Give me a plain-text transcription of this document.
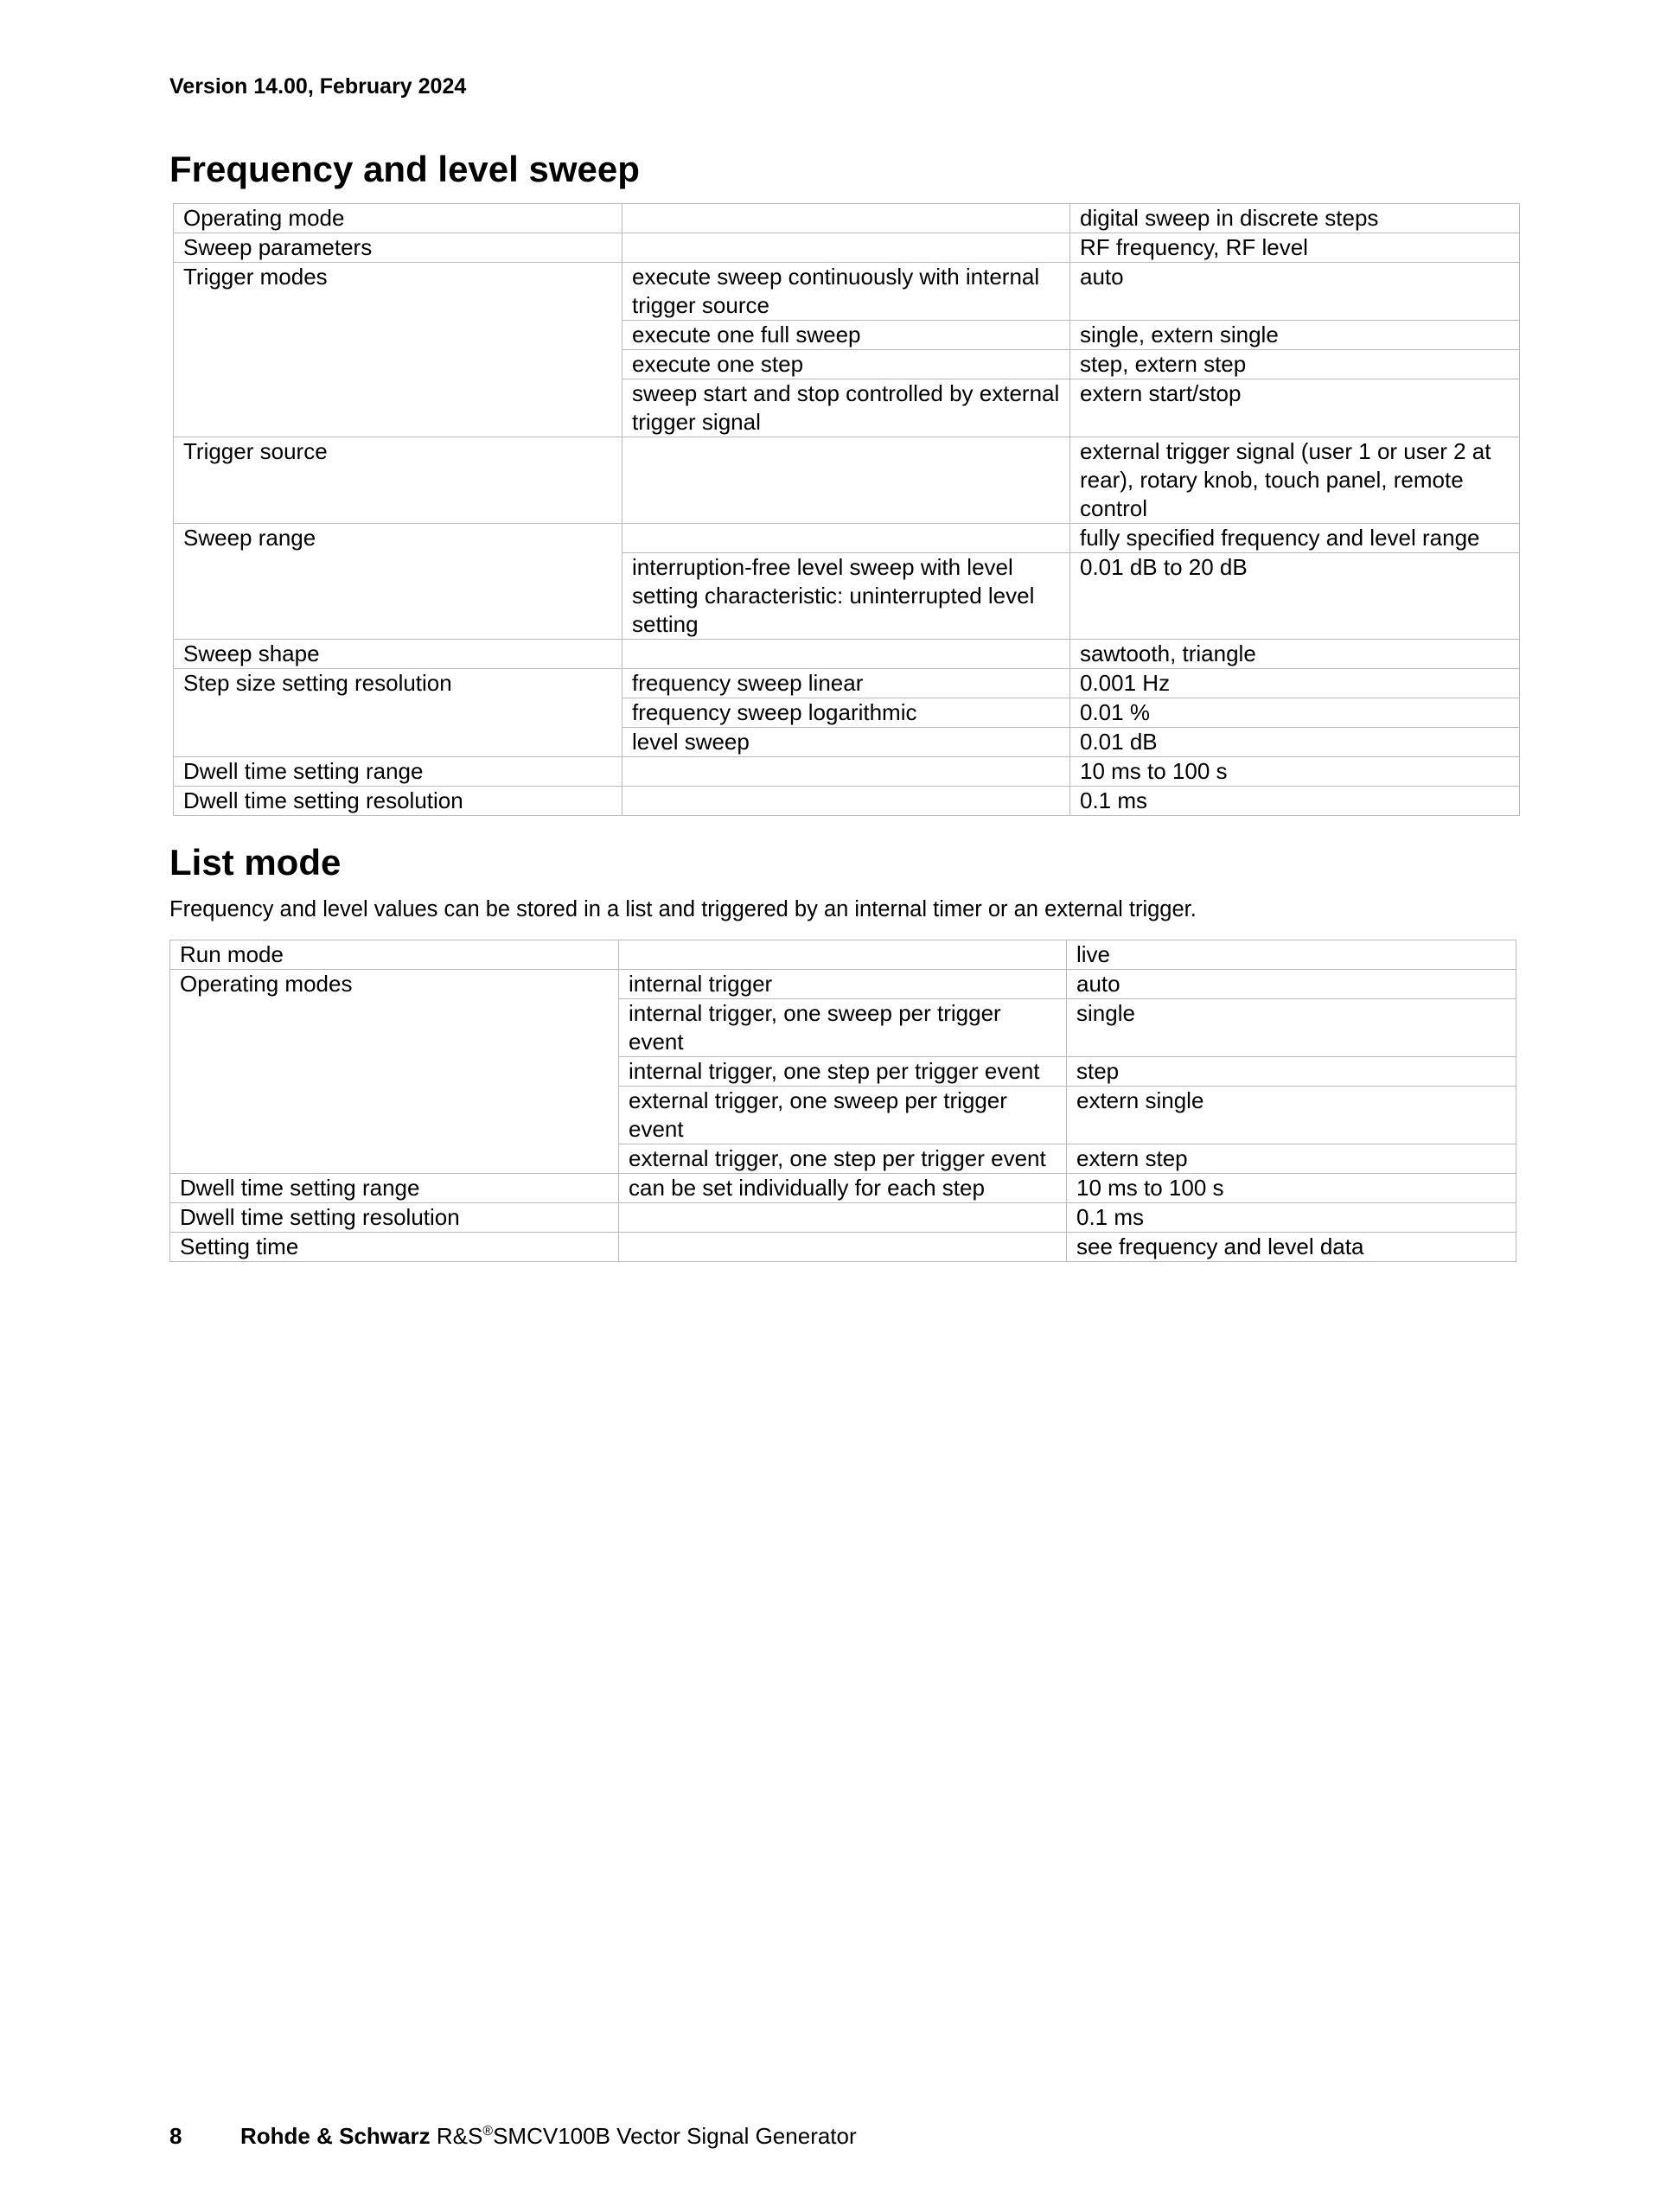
Version 14.00, February 2024
Frequency and level sweep
Operating mode		digital sweep in discrete steps
Sweep parameters		RF frequency, RF level
Trigger modes	execute sweep continuously with internal trigger source	auto
	execute one full sweep	single, extern single
	execute one step	step, extern step
	sweep start and stop controlled by external trigger signal	extern start/stop
Trigger source		external trigger signal (user 1 or user 2 at rear), rotary knob, touch panel, remote control
Sweep range		fully specified frequency and level range
	interruption-free level sweep with level setting characteristic: uninterrupted level setting	0.01 dB to 20 dB
Sweep shape		sawtooth, triangle
Step size setting resolution	frequency sweep linear	0.001 Hz
	frequency sweep logarithmic	0.01 %
	level sweep	0.01 dB
Dwell time setting range		10 ms to 100 s
Dwell time setting resolution		0.1 ms
List mode
Frequency and level values can be stored in a list and triggered by an internal timer or an external trigger.
Run mode		live
Operating modes	internal trigger	auto
	internal trigger, one sweep per trigger event	single
	internal trigger, one step per trigger event	step
	external trigger, one sweep per trigger event	extern single
	external trigger, one step per trigger event	extern step
Dwell time setting range	can be set individually for each step	10 ms to 100 s
Dwell time setting resolution		0.1 ms
Setting time		see frequency and level data
8	Rohde & Schwarz R&S®SMCV100B Vector Signal Generator
